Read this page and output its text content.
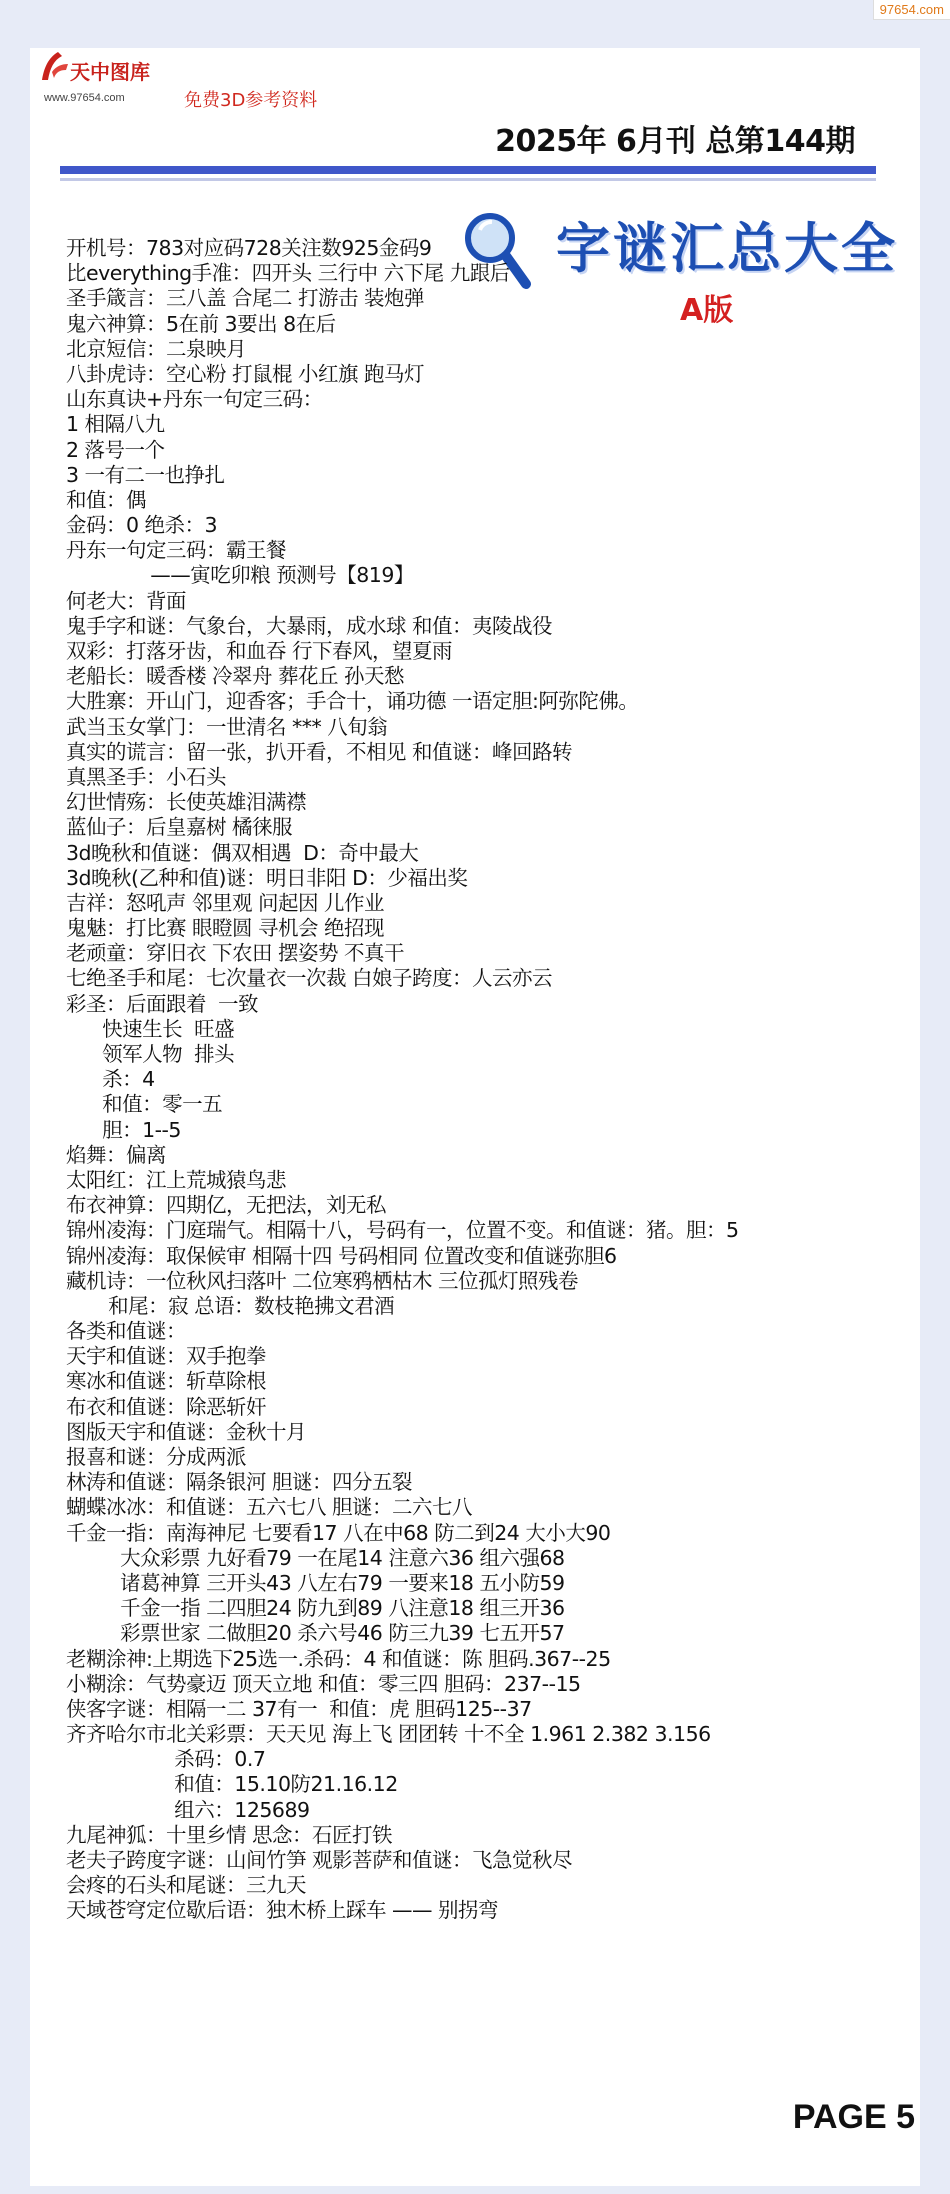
97654.com
天中图库
www.97654.com	免费3D参考资料
2025年 6月刊 总第144期
字谜汇总大全
A版
开机号：783对应码728关注数925金码9
比everything手准：四开头 三行中 六下尾 九跟后
圣手箴言：三八盖 合尾二 打游击 装炮弹
鬼六神算：5在前 3要出 8在后
北京短信：二泉映月
八卦虎诗：空心粉 打鼠棍 小红旗 跑马灯
山东真诀+丹东一句定三码：
1 相隔八九
2 落号一个
3 一有二一也挣扎
和值：偶
金码：0 绝杀：3
丹东一句定三码：霸王餐
——寅吃卯粮 预测号【819】
何老大：背面
鬼手字和谜：气象台，大暴雨，成水球 和值：夷陵战役
双彩：打落牙齿，和血吞 行下春风，望夏雨
老船长：暖香楼 冷翠舟 葬花丘 孙天愁
大胜寨：开山门，迎香客；手合十，诵功德 一语定胆:阿弥陀佛。
武当玉女掌门：一世清名 *** 八旬翁
真实的谎言：留一张，扒开看，不相见 和值谜：峰回路转
真黑圣手：小石头
幻世情殇：长使英雄泪满襟
蓝仙子：后皇嘉树 橘徕服
3d晚秋和值谜：偶双相遇  D：奇中最大
3d晚秋(乙种和值)谜：明日非阳 D：少福出奖
吉祥：怒吼声 邻里观 问起因 儿作业
鬼魅：打比赛 眼瞪圆 寻机会 绝招现
老顽童：穿旧衣 下农田 摆姿势 不真干
七绝圣手和尾：七次量衣一次裁 白娘子跨度：人云亦云
彩圣：后面跟着  一致
快速生长  旺盛
领军人物  排头
杀：4
和值：零一五
胆：1--5
焰舞：偏离
太阳红：江上荒城猿鸟悲
布衣神算：四期亿，无把法，刘无私
锦州凌海：门庭瑞气。相隔十八，号码有一，位置不变。和值谜：猪。胆：5
锦州凌海：取保候审 相隔十四 号码相同 位置改变和值谜弥胆6
藏机诗：一位秋风扫落叶 二位寒鸦栖枯木 三位孤灯照残卷
和尾：寂 总语：数枝艳拂文君酒
各类和值谜：
天宇和值谜：双手抱拳
寒冰和值谜：斩草除根
布衣和值谜：除恶斩奸
图版天宇和值谜：金秋十月
报喜和谜：分成两派
林涛和值谜：隔条银河 胆谜：四分五裂
蝴蝶冰冰：和值谜：五六七八 胆谜：二六七八
千金一指：南海神尼 七要看17 八在中68 防二到24 大小大90
大众彩票 九好看79 一在尾14 注意六36 组六强68
诸葛神算 三开头43 八左右79 一要来18 五小防59
千金一指 二四胆24 防九到89 八注意18 组三开36
彩票世家 二做胆20 杀六号46 防三九39 七五开57
老糊涂神:上期选下25选一.杀码：4 和值谜：陈 胆码.367--25
小糊涂：气势豪迈 顶天立地 和值：零三四 胆码：237--15
侠客字谜：相隔一二 37有一  和值：虎 胆码125--37
齐齐哈尔市北关彩票：天天见 海上飞 团团转 十不全 1.961 2.382 3.156
杀码：0.7
和值：15.10防21.16.12
组六：125689
九尾神狐：十里乡情 思念：石匠打铁
老夫子跨度字谜：山间竹笋 观影菩萨和值谜：飞急觉秋尽
会疼的石头和尾谜：三九天
天域苍穹定位歇后语：独木桥上踩车 —— 别拐弯
PAGE 5
